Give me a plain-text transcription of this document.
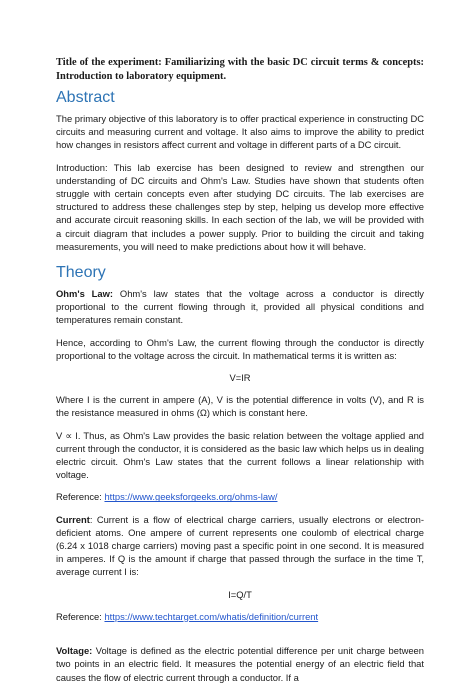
Title of the experiment: Familiarizing with the basic DC circuit terms & concepts: Introduction to laboratory equipment.
Abstract

The primary objective of this laboratory is to offer practical experience in constructing DC circuits and measuring current and voltage. It also aims to improve the ability to predict how changes in resistors affect current and voltage in different parts of a DC circuit.

Introduction: This lab exercise has been designed to review and strengthen our understanding of DC circuits and Ohm's Law. Studies have shown that students often struggle with certain concepts even after studying DC circuits. The lab exercises are structured to address these challenges step by step, helping us develop more effective and accurate circuit reasoning skills. In each section of the lab, we will be provided with a circuit diagram that includes a power supply. Prior to building the circuit and taking measurements, you will need to make predictions about how it will behave.

Theory

Ohm's Law: Ohm's law states that the voltage across a conductor is directly proportional to the current flowing through it, provided all physical conditions and temperatures remain constant.

Hence, according to Ohm's Law, the current flowing through the conductor is directly proportional to the voltage across the circuit. In mathematical terms it is written as:

V=IR

Where I is the current in ampere (A), V is the potential difference in volts (V), and R is the resistance measured in ohms (Ω) which is constant here.

V ∝ I. Thus, as Ohm's Law provides the basic relation between the voltage applied and current through the conductor, it is considered as the basic law which helps us in dealing electric circuit. Ohm's Law states that the current follows a linear relationship with voltage.

Reference: https://www.geeksforgeeks.org/ohms-law/

Current: Current is a flow of electrical charge carriers, usually electrons or electron-deficient atoms. One ampere of current represents one coulomb of electrical charge (6.24 x 1018 charge carriers) moving past a specific point in one second. It is measured in amperes. If Q is the amount if charge that passed through the surface in the time T, average current I is:

I=Q/T

Reference: https://www.techtarget.com/whatis/definition/current

Voltage: Voltage is defined as the electric potential difference per unit charge between two points in an electric field. It measures the potential energy of an electric field that causes the flow of electric current through a conductor. If a
